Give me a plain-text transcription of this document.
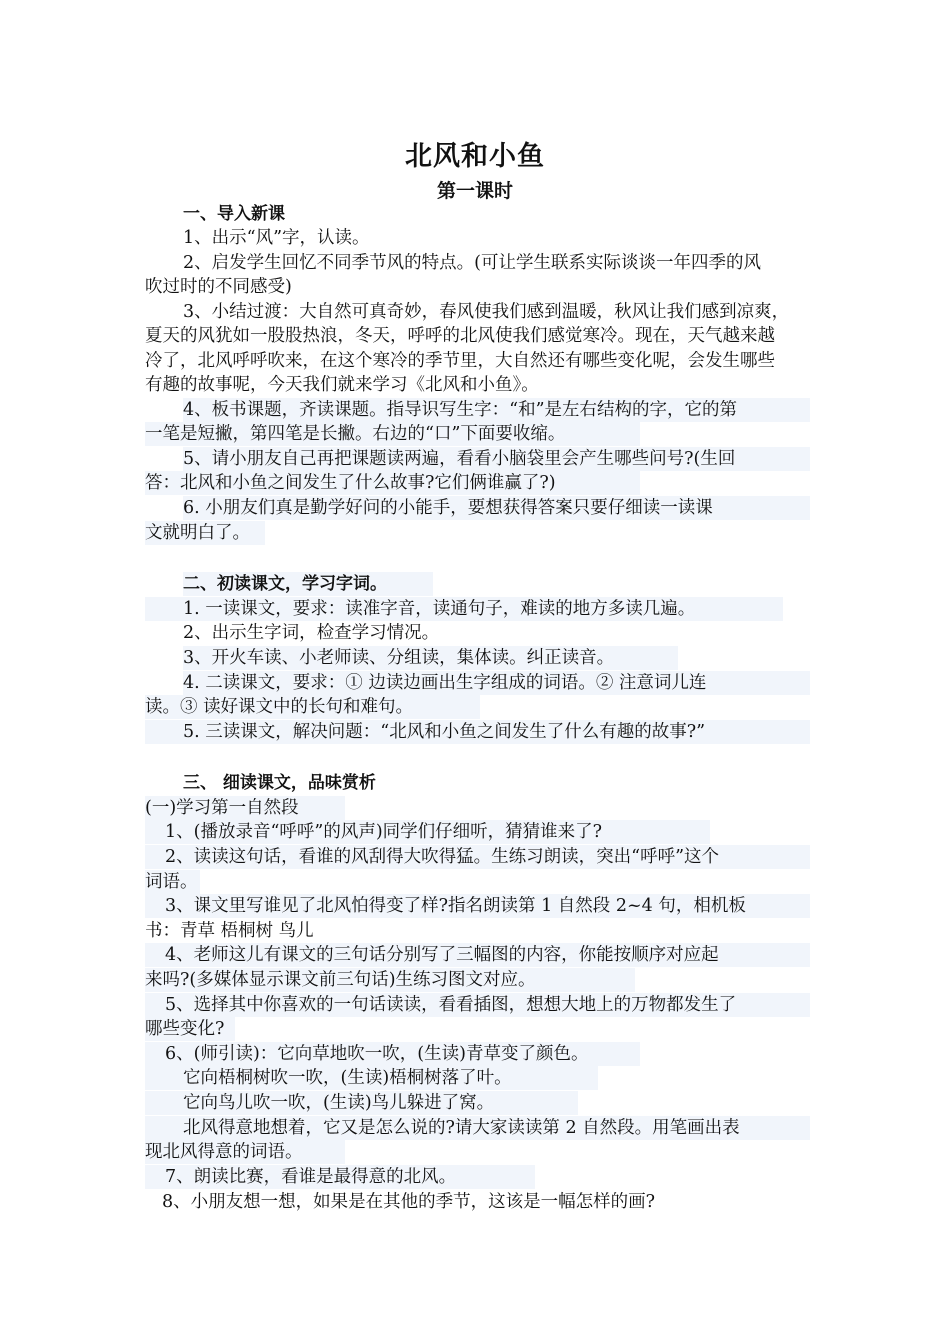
北风和小鱼
第一课时
一、导入新课
1、出示“风”字，认读。
2、启发学生回忆不同季节风的特点。(可让学生联系实际谈谈一年四季的风
吹过时的不同感受)
3、小结过渡：大自然可真奇妙，春风使我们感到温暖，秋风让我们感到凉爽，
夏天的风犹如一股股热浪，冬天，呼呼的北风使我们感觉寒冷。现在，天气越来越
冷了，北风呼呼吹来，在这个寒冷的季节里，大自然还有哪些变化呢，会发生哪些
有趣的故事呢，今天我们就来学习《北风和小鱼》。
4、板书课题，齐读课题。指导识写生字：“和”是左右结构的字，它的第
一笔是短撇，第四笔是长撇。右边的“口”下面要收缩。
5、请小朋友自己再把课题读两遍，看看小脑袋里会产生哪些问号?(生回
答：北风和小鱼之间发生了什么故事?它们俩谁赢了?)
6. 小朋友们真是勤学好问的小能手，要想获得答案只要仔细读一读课
文就明白了。
二、初读课文，学习字词。
1. 一读课文，要求：读准字音，读通句子，难读的地方多读几遍。
2、出示生字词，检查学习情况。
3、开火车读、小老师读、分组读，集体读。纠正读音。
4. 二读课文，要求：① 边读边画出生字组成的词语。② 注意词儿连
读。③ 读好课文中的长句和难句。
5. 三读课文，解决问题：“北风和小鱼之间发生了什么有趣的故事?”
三、 细读课文，品味赏析
(一)学习第一自然段
1、(播放录音“呼呼”的风声)同学们仔细听，猜猜谁来了?
2、读读这句话，看谁的风刮得大吹得猛。生练习朗读，突出“呼呼”这个
词语。
3、课文里写谁见了北风怕得变了样?指名朗读第 1 自然段 2~4 句，相机板
书：青草 梧桐树 鸟儿
4、老师这儿有课文的三句话分别写了三幅图的内容，你能按顺序对应起
来吗?(多媒体显示课文前三句话)生练习图文对应。
5、选择其中你喜欢的一句话读读，看看插图，想想大地上的万物都发生了
哪些变化?
6、(师引读)：它向草地吹一吹，(生读)青草变了颜色。
它向梧桐树吹一吹，(生读)梧桐树落了叶。
它向鸟儿吹一吹，(生读)鸟儿躲进了窝。
北风得意地想着，它又是怎么说的?请大家读读第 2 自然段。用笔画出表
现北风得意的词语。
7、朗读比赛，看谁是最得意的北风。
8、小朋友想一想，如果是在其他的季节，这该是一幅怎样的画?
